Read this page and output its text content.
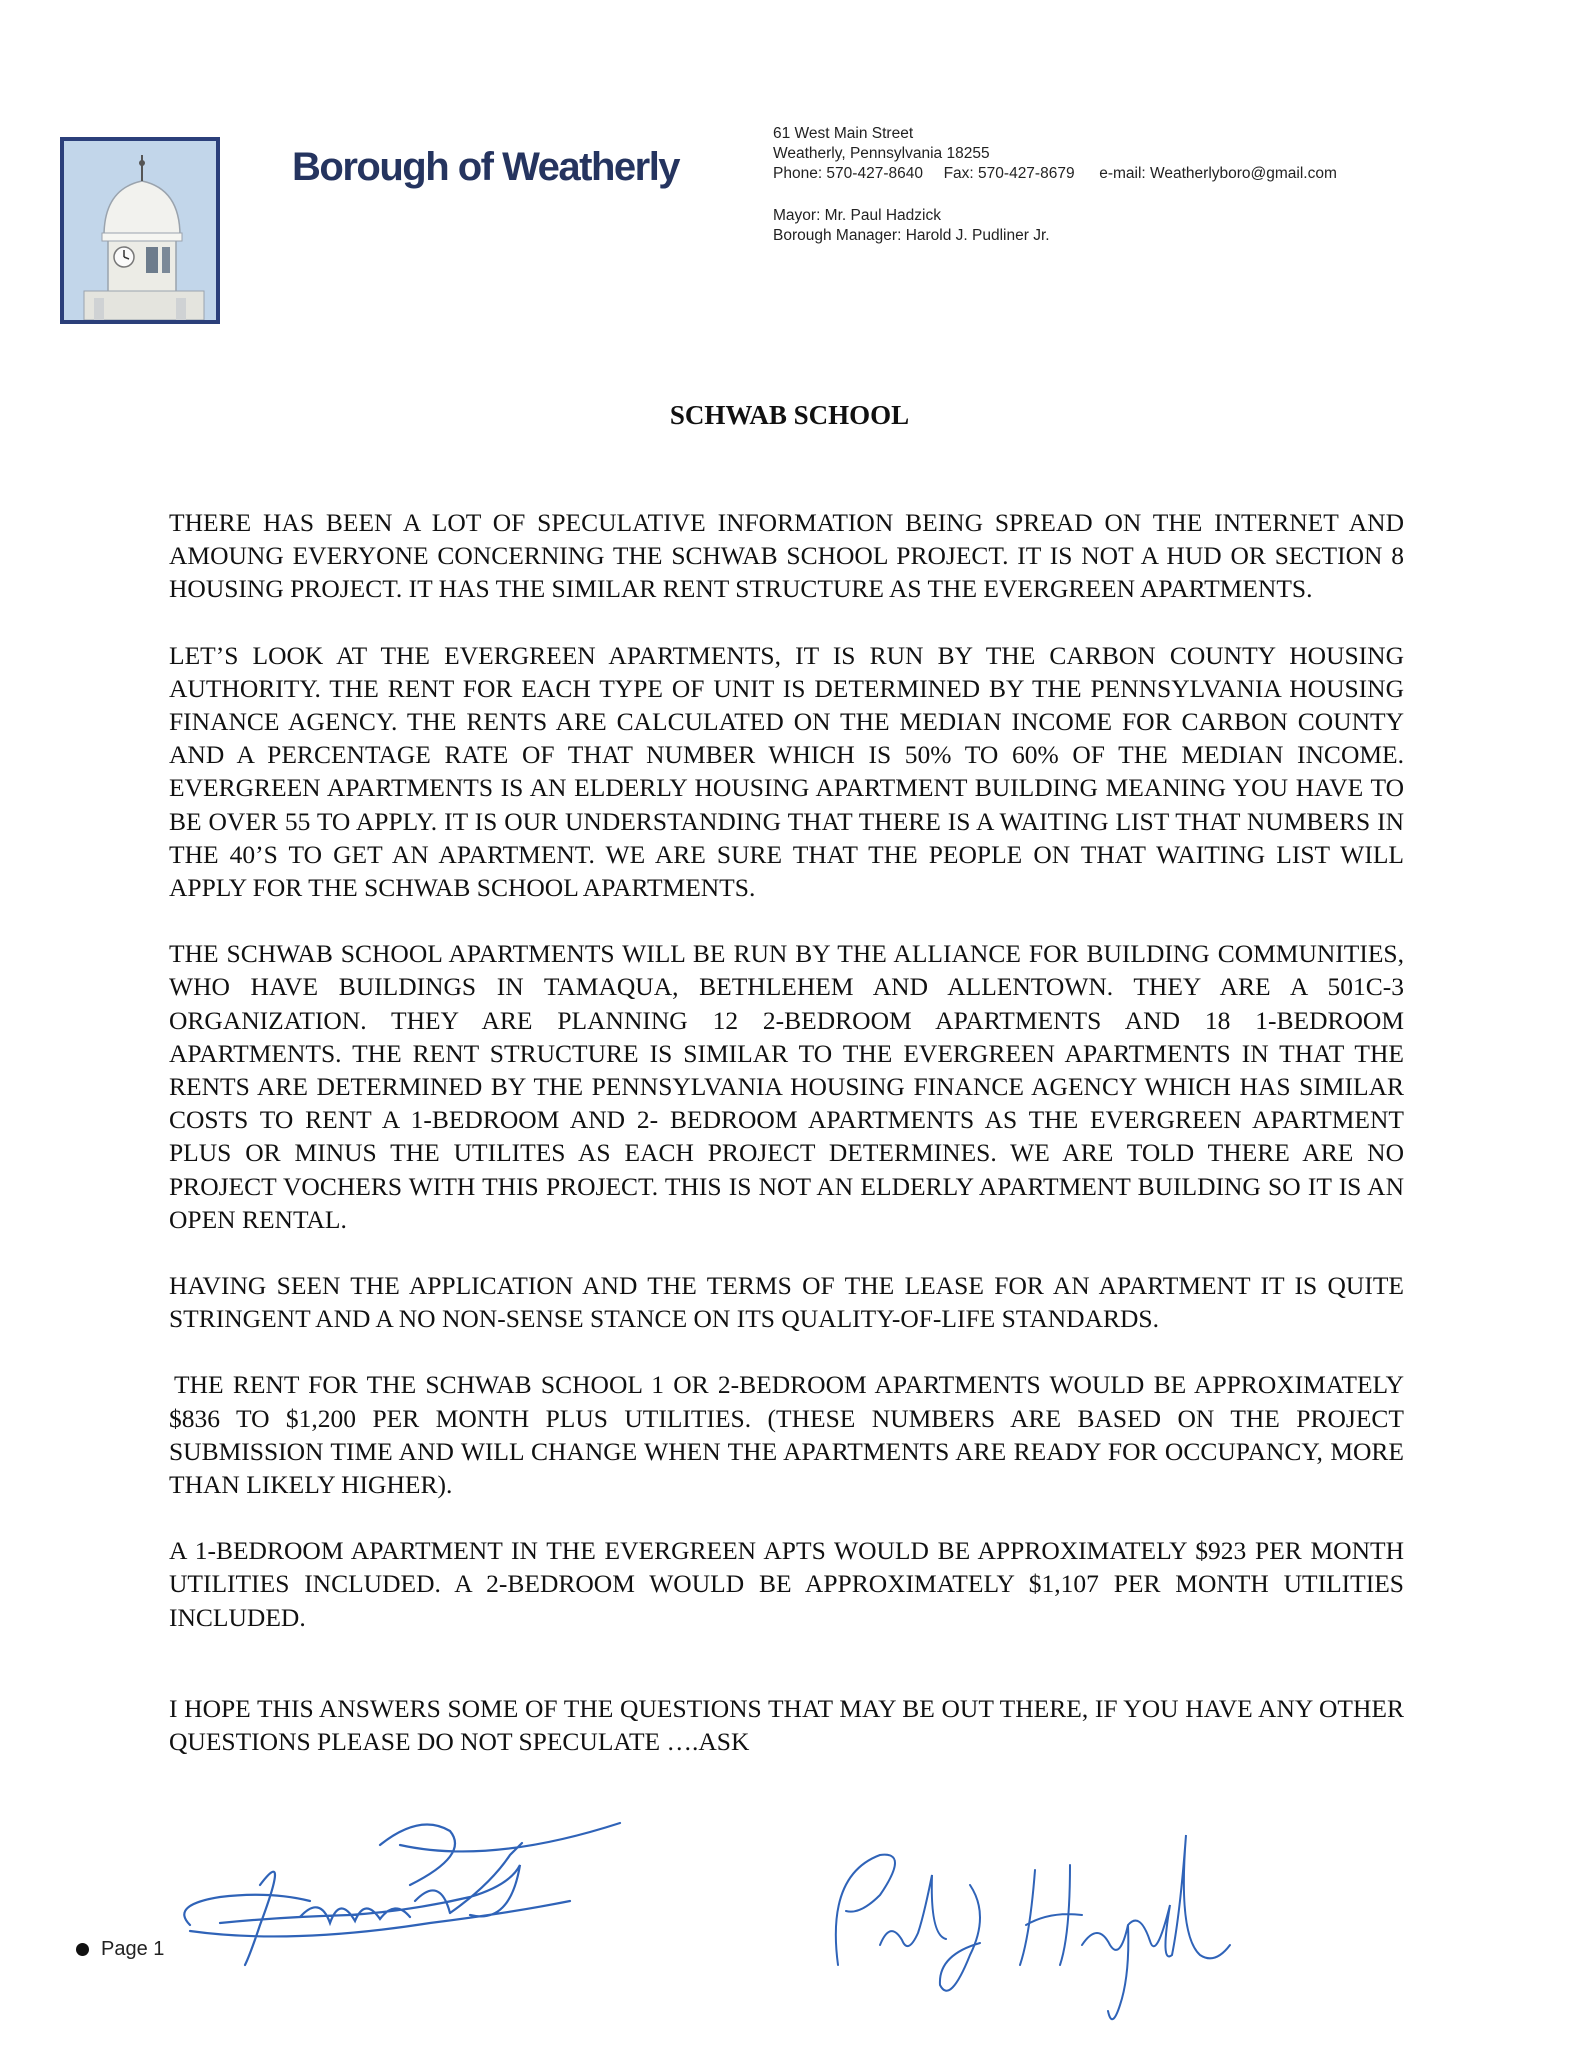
Borough of Weatherly
61 West Main Street
Weatherly, Pennsylvania 18255
Phone: 570-427-8640 Fax: 570-427-8679 e-mail: Weatherlyboro@gmail.com
Mayor: Mr. Paul Hadzick
Borough Manager: Harold J. Pudliner Jr.
SCHWAB SCHOOL

THERE HAS BEEN A LOT OF SPECULATIVE INFORMATION BEING SPREAD ON THE INTERNET AND AMOUNG EVERYONE CONCERNING THE SCHWAB SCHOOL PROJECT. IT IS NOT A HUD OR SECTION 8 HOUSING PROJECT. IT HAS THE SIMILAR RENT STRUCTURE AS THE EVERGREEN APARTMENTS.

LET’S LOOK AT THE EVERGREEN APARTMENTS, IT IS RUN BY THE CARBON COUNTY HOUSING AUTHORITY. THE RENT FOR EACH TYPE OF UNIT IS DETERMINED BY THE PENNSYLVANIA HOUSING FINANCE AGENCY. THE RENTS ARE CALCULATED ON THE MEDIAN INCOME FOR CARBON COUNTY AND A PERCENTAGE RATE OF THAT NUMBER WHICH IS 50% TO 60% OF THE MEDIAN INCOME. EVERGREEN APARTMENTS IS AN ELDERLY HOUSING APARTMENT BUILDING MEANING YOU HAVE TO BE OVER 55 TO APPLY. IT IS OUR UNDERSTANDING THAT THERE IS A WAITING LIST THAT NUMBERS IN THE 40’S TO GET AN APARTMENT. WE ARE SURE THAT THE PEOPLE ON THAT WAITING LIST WILL APPLY FOR THE SCHWAB SCHOOL APARTMENTS.

THE SCHWAB SCHOOL APARTMENTS WILL BE RUN BY THE ALLIANCE FOR BUILDING COMMUNITIES, WHO HAVE BUILDINGS IN TAMAQUA, BETHLEHEM AND ALLENTOWN. THEY ARE A 501C-3 ORGANIZATION. THEY ARE PLANNING 12 2-BEDROOM APARTMENTS AND 18 1-BEDROOM APARTMENTS. THE RENT STRUCTURE IS SIMILAR TO THE EVERGREEN APARTMENTS IN THAT THE RENTS ARE DETERMINED BY THE PENNSYLVANIA HOUSING FINANCE AGENCY WHICH HAS SIMILAR COSTS TO RENT A 1-BEDROOM AND 2- BEDROOM APARTMENTS AS THE EVERGREEN APARTMENT PLUS OR MINUS THE UTILITES AS EACH PROJECT DETERMINES. WE ARE TOLD THERE ARE NO PROJECT VOCHERS WITH THIS PROJECT. THIS IS NOT AN ELDERLY APARTMENT BUILDING SO IT IS AN OPEN RENTAL.

HAVING SEEN THE APPLICATION AND THE TERMS OF THE LEASE FOR AN APARTMENT IT IS QUITE STRINGENT AND A NO NON-SENSE STANCE ON ITS QUALITY-OF-LIFE STANDARDS.

THE RENT FOR THE SCHWAB SCHOOL 1 OR 2-BEDROOM APARTMENTS WOULD BE APPROXIMATELY $836 TO $1,200 PER MONTH PLUS UTILITIES. (THESE NUMBERS ARE BASED ON THE PROJECT SUBMISSION TIME AND WILL CHANGE WHEN THE APARTMENTS ARE READY FOR OCCUPANCY, MORE THAN LIKELY HIGHER).

A 1-BEDROOM APARTMENT IN THE EVERGREEN APTS WOULD BE APPROXIMATELY $923 PER MONTH UTILITIES INCLUDED. A 2-BEDROOM WOULD BE APPROXIMATELY $1,107 PER MONTH UTILITIES INCLUDED.

I HOPE THIS ANSWERS SOME OF THE QUESTIONS THAT MAY BE OUT THERE, IF YOU HAVE ANY OTHER QUESTIONS PLEASE DO NOT SPECULATE ….ASK

Page 1
